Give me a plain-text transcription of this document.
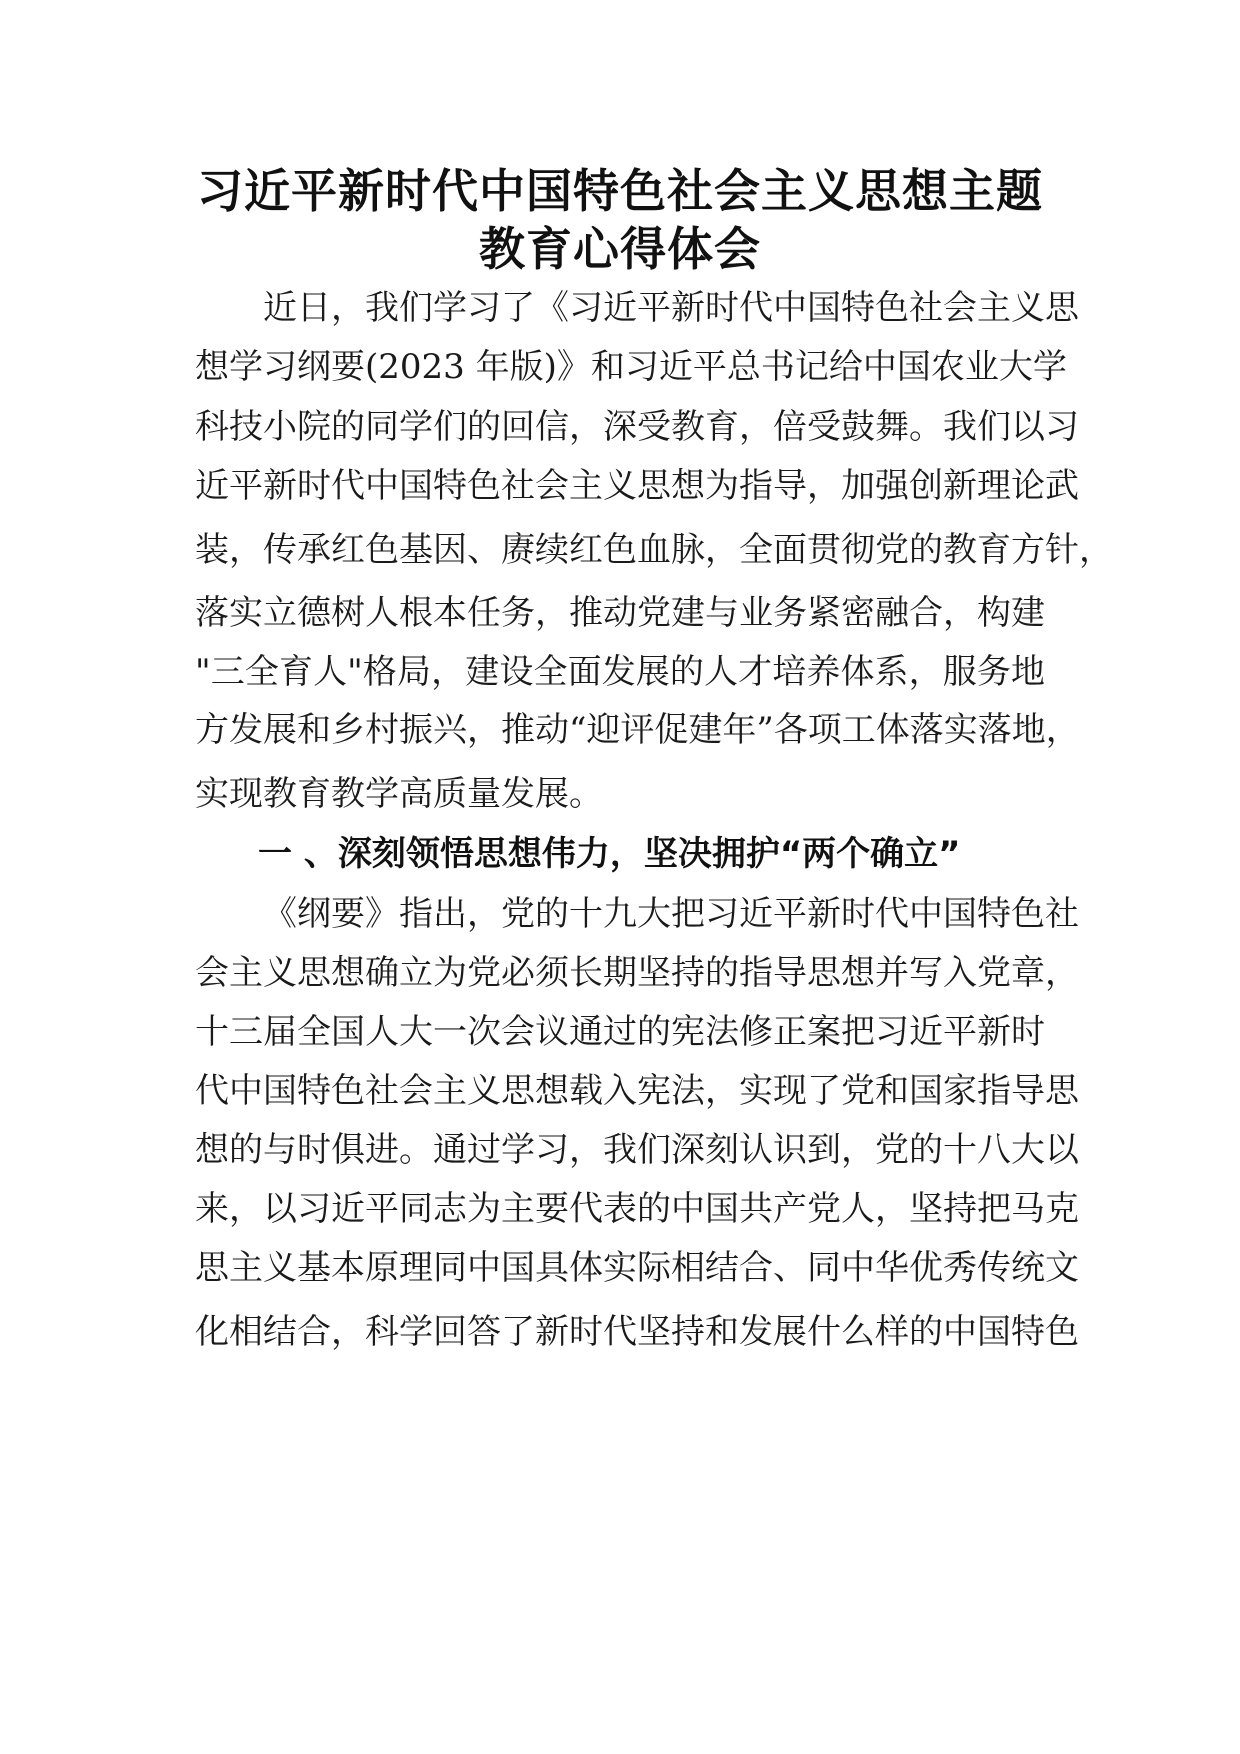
习近平新时代中国特色社会主义思想主题
教育心得体会
近日，我们学习了《习近平新时代中国特色社会主义思
想学习纲要(2023 年版)》和习近平总书记给中国农业大学
科技小院的同学们的回信，深受教育，倍受鼓舞。我们以习
近平新时代中国特色社会主义思想为指导，加强创新理论武
装，传承红色基因、赓续红色血脉，全面贯彻党的教育方针，
落实立德树人根本任务，推动党建与业务紧密融合，构建
"三全育人"格局，建设全面发展的人才培养体系，服务地
方发展和乡村振兴，推动“迎评促建年”各项工体落实落地，
实现教育教学高质量发展。
一 、深刻领悟思想伟力，坚决拥护“两个确立”
《纲要》指出，党的十九大把习近平新时代中国特色社
会主义思想确立为党必须长期坚持的指导思想并写入党章，
十三届全国人大一次会议通过的宪法修正案把习近平新时
代中国特色社会主义思想载入宪法，实现了党和国家指导思
想的与时俱进。通过学习，我们深刻认识到，党的十八大以
来，以习近平同志为主要代表的中国共产党人，坚持把马克
思主义基本原理同中国具体实际相结合、同中华优秀传统文
化相结合，科学回答了新时代坚持和发展什么样的中国特色
